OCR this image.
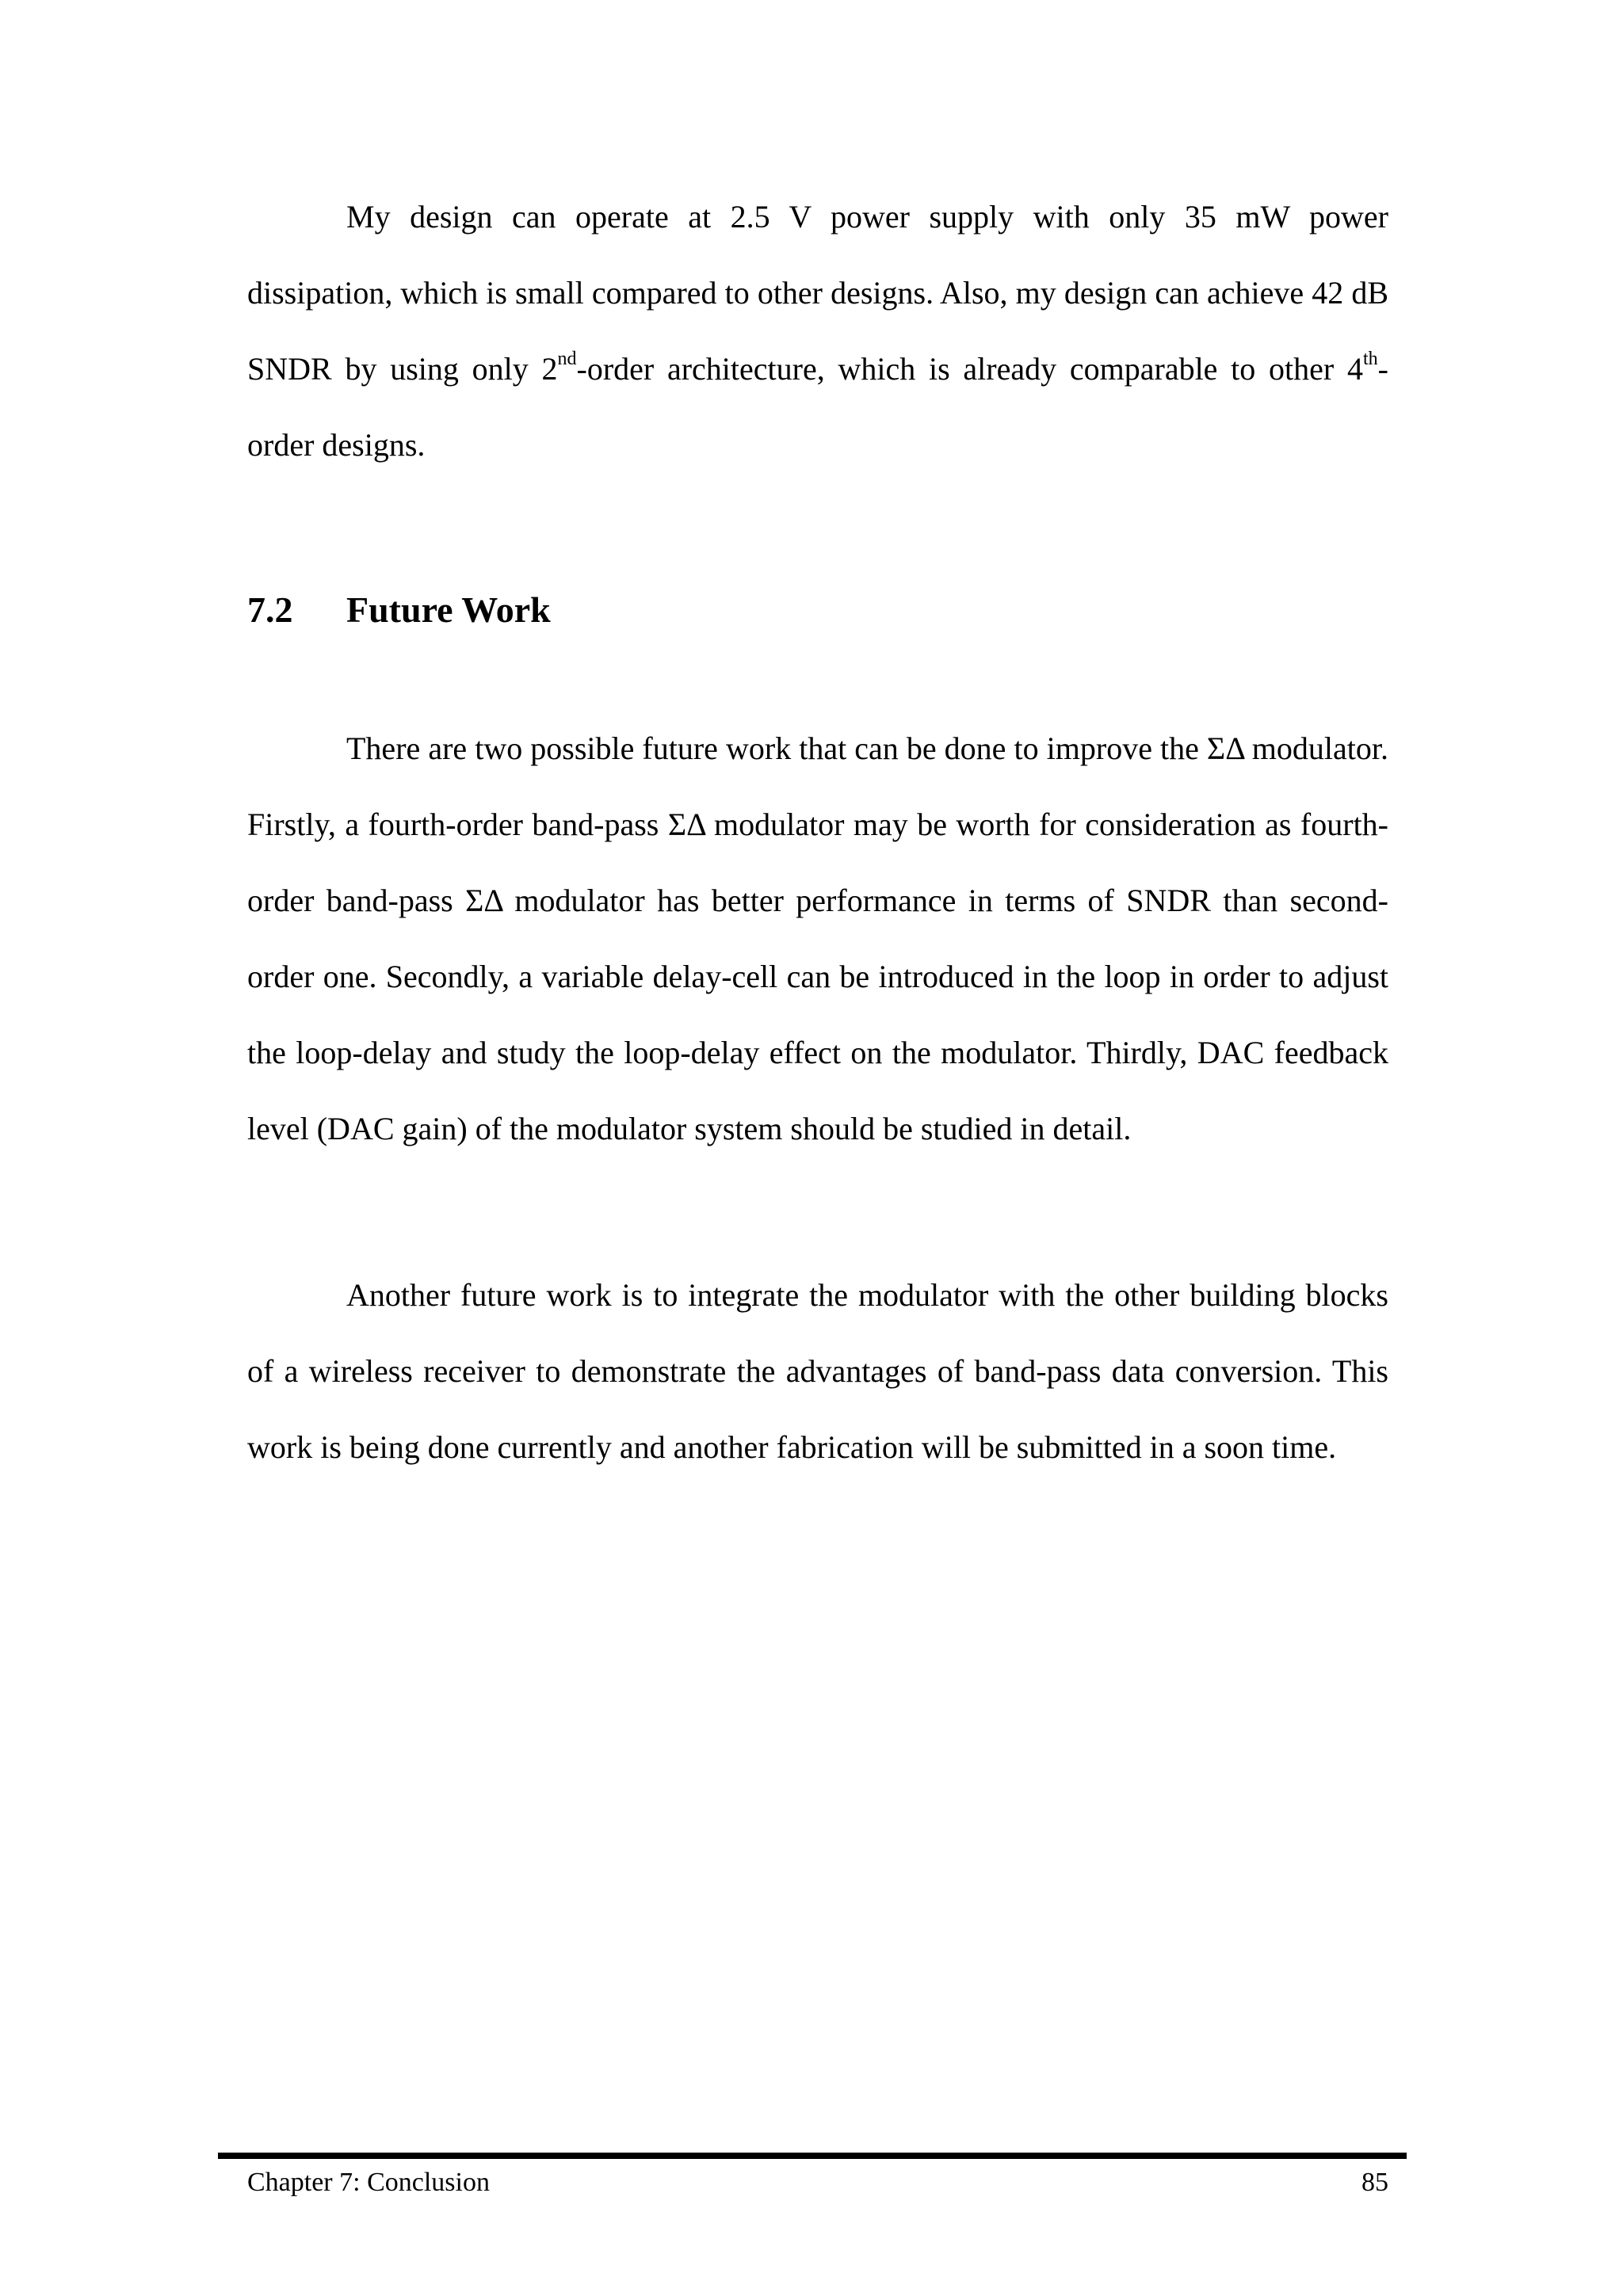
My design can operate at 2.5 V power supply with only 35 mW power dissipation, which is small compared to other designs. Also, my design can achieve 42 dB SNDR by using only 2nd-order architecture, which is already comparable to other 4th-order designs.

7.2 Future Work

There are two possible future work that can be done to improve the ΣΔ modulator. Firstly, a fourth-order band-pass ΣΔ modulator may be worth for consideration as fourth-order band-pass ΣΔ modulator has better performance in terms of SNDR than second-order one. Secondly, a variable delay-cell can be introduced in the loop in order to adjust the loop-delay and study the loop-delay effect on the modulator. Thirdly, DAC feedback level (DAC gain) of the modulator system should be studied in detail.

Another future work is to integrate the modulator with the other building blocks of a wireless receiver to demonstrate the advantages of band-pass data conversion. This work is being done currently and another fabrication will be submitted in a soon time.

Chapter 7: Conclusion	85
